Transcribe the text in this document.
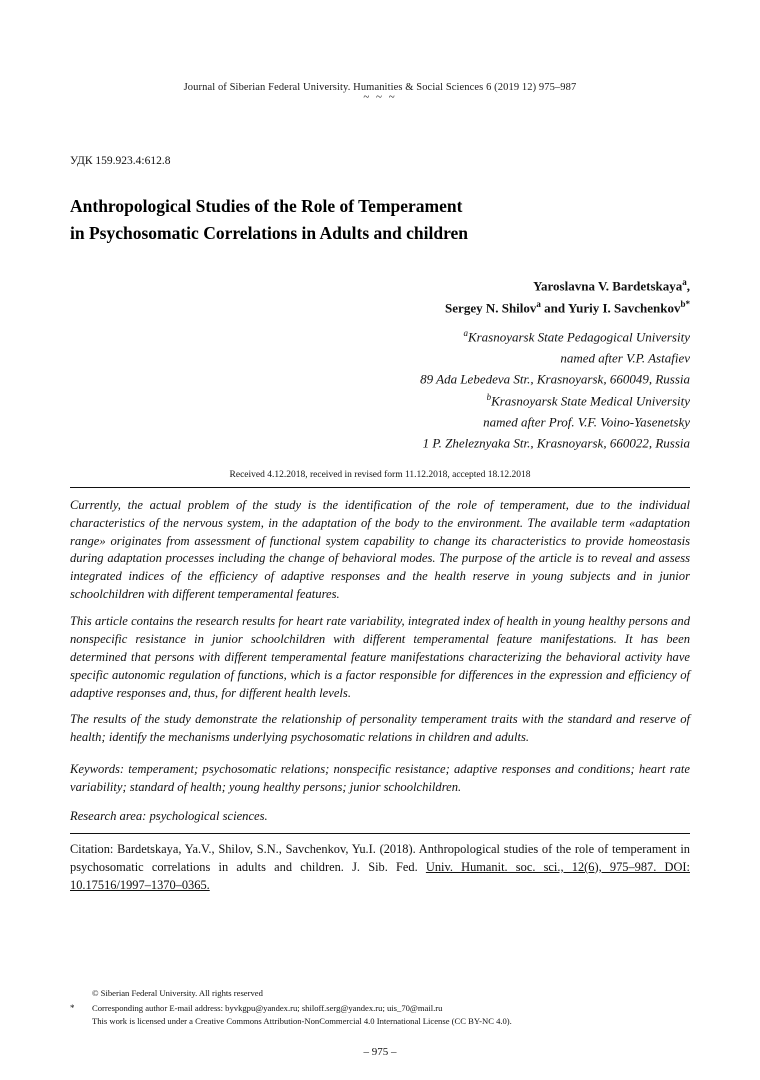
Journal of Siberian Federal University. Humanities & Social Sciences 6 (2019 12) 975–987
~ ~ ~
УДК 159.923.4:612.8
Anthropological Studies of the Role of Temperament
in Psychosomatic Correlations in Adults and children
Yaroslavna V. Bardetskaya$^a$,
Sergey N. Shilov$^a$ and Yuriy I. Savchenkov$^{b*}$
$^a$Krasnoyarsk State Pedagogical University
named after V.P. Astafiev
89 Ada Lebedeva Str., Krasnoyarsk, 660049, Russia
$^b$Krasnoyarsk State Medical University
named after Prof. V.F. Voino-Yasenetsky
1 P. Zheleznyaka Str., Krasnoyarsk, 660022, Russia
Received 4.12.2018, received in revised form 11.12.2018, accepted 18.12.2018

Currently, the actual problem of the study is the identification of the role of temperament, due to the individual characteristics of the nervous system, in the adaptation of the body to the environment. The available term «adaptation range» originates from assessment of functional system capability to change its characteristics to provide homeostasis during adaptation processes including the change of behavioral modes. The purpose of the article is to reveal and assess integrated indices of the efficiency of adaptive responses and the health reserve in young subjects and in junior schoolchildren with different temperamental features.

This article contains the research results for heart rate variability, integrated index of health in young healthy persons and nonspecific resistance in junior schoolchildren with different temperamental feature manifestations. It has been determined that persons with different temperamental feature manifestations characterizing the behavioral activity have specific autonomic regulation of functions, which is a factor responsible for differences in the expression and efficiency of adaptive responses and, thus, for different health levels.

The results of the study demonstrate the relationship of personality temperament traits with the standard and reserve of health; identify the mechanisms underlying psychosomatic relations in children and adults.

Keywords: temperament; psychosomatic relations; nonspecific resistance; adaptive responses and conditions; heart rate variability; standard of health; young healthy persons; junior schoolchildren.
Research area: psychological sciences.
Citation: Bardetskaya, Ya.V., Shilov, S.N., Savchenkov, Yu.I. (2018). Anthropological studies of the role of temperament in psychosomatic correlations in adults and children. J. Sib. Fed. Univ. Humanit. soc. sci., 12(6), 975–987. DOI: 10.17516/1997–1370–0365.
© Siberian Federal University. All rights reserved
*	Corresponding author E-mail address: byvkgpu@yandex.ru; shiloff.serg@yandex.ru; uis_70@mail.ru
This work is licensed under a Creative Commons Attribution-NonCommercial 4.0 International License (CC BY-NC 4.0).
– 975 –
